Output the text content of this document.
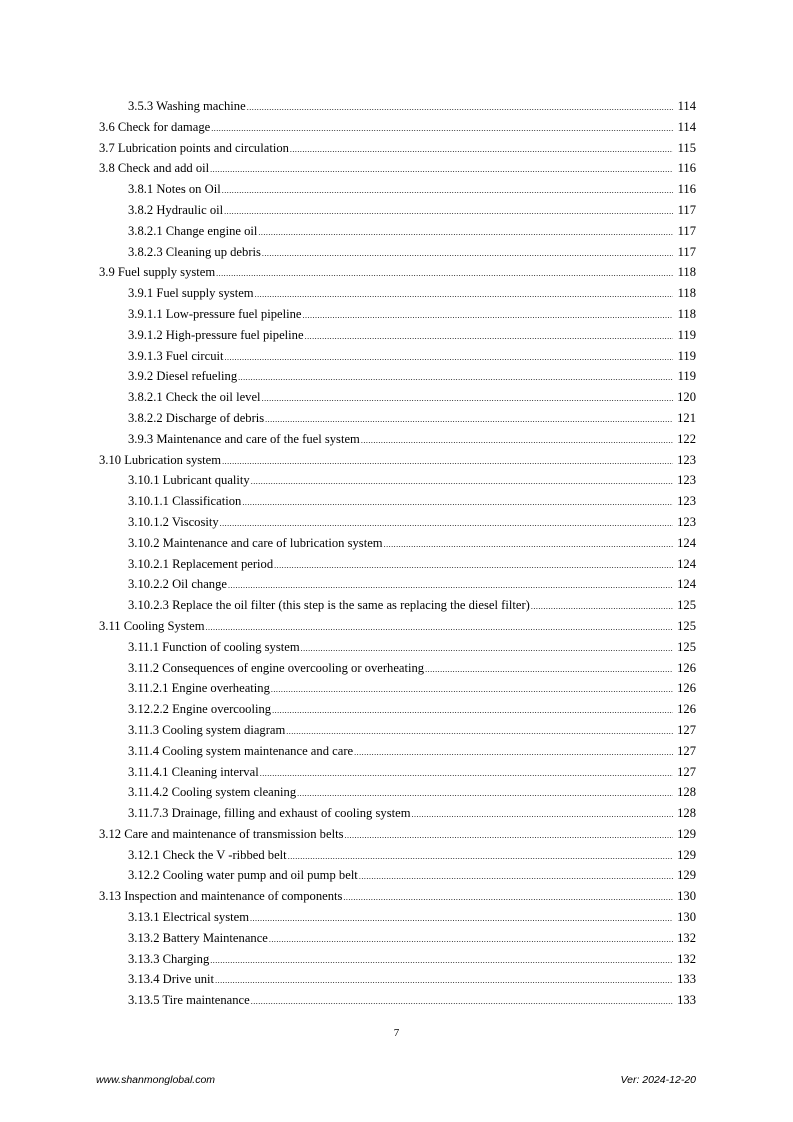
3.5.3 Washing machine .....	114
3.6 Check for damage .....	114
3.7 Lubrication points and circulation .....	115
3.8 Check and add oil .....	116
3.8.1 Notes on Oil .....	116
3.8.2 Hydraulic oil .....	117
3.8.2.1 Change engine oil .....	117
3.8.2.3 Cleaning up debris .....	117
3.9 Fuel supply system .....	118
3.9.1 Fuel supply system .....	118
3.9.1.1 Low-pressure fuel pipeline .....	118
3.9.1.2 High-pressure fuel pipeline .....	119
3.9.1.3 Fuel circuit .....	119
3.9.2 Diesel refueling .....	119
3.8.2.1 Check the oil level .....	120
3.8.2.2 Discharge of debris .....	121
3.9.3 Maintenance and care of the fuel system .....	122
3.10 Lubrication system .....	123
3.10.1 Lubricant quality .....	123
3.10.1.1 Classification .....	123
3.10.1.2 Viscosity .....	123
3.10.2 Maintenance and care of lubrication system .....	124
3.10.2.1 Replacement period .....	124
3.10.2.2 Oil change .....	124
3.10.2.3 Replace the oil filter (this step is the same as replacing the diesel filter) .....	125
3.11 Cooling System .....	125
3.11.1 Function of cooling system .....	125
3.11.2 Consequences of engine overcooling or overheating .....	126
3.11.2.1 Engine overheating .....	126
3.12.2.2 Engine overcooling .....	126
3.11.3 Cooling system diagram .....	127
3.11.4 Cooling system maintenance and care .....	127
3.11.4.1 Cleaning interval .....	127
3.11.4.2 Cooling system cleaning .....	128
3.11.7.3 Drainage, filling and exhaust of cooling system .....	128
3.12 Care and maintenance of transmission belts .....	129
3.12.1 Check the V -ribbed belt .....	129
3.12.2 Cooling water pump and oil pump belt .....	129
3.13 Inspection and maintenance of components .....	130
3.13.1 Electrical system .....	130
3.13.2 Battery Maintenance .....	132
3.13.3 Charging .....	132
3.13.4 Drive unit .....	133
3.13.5 Tire maintenance .....	133
7
www.shanmonglobal.com	Ver: 2024-12-20
